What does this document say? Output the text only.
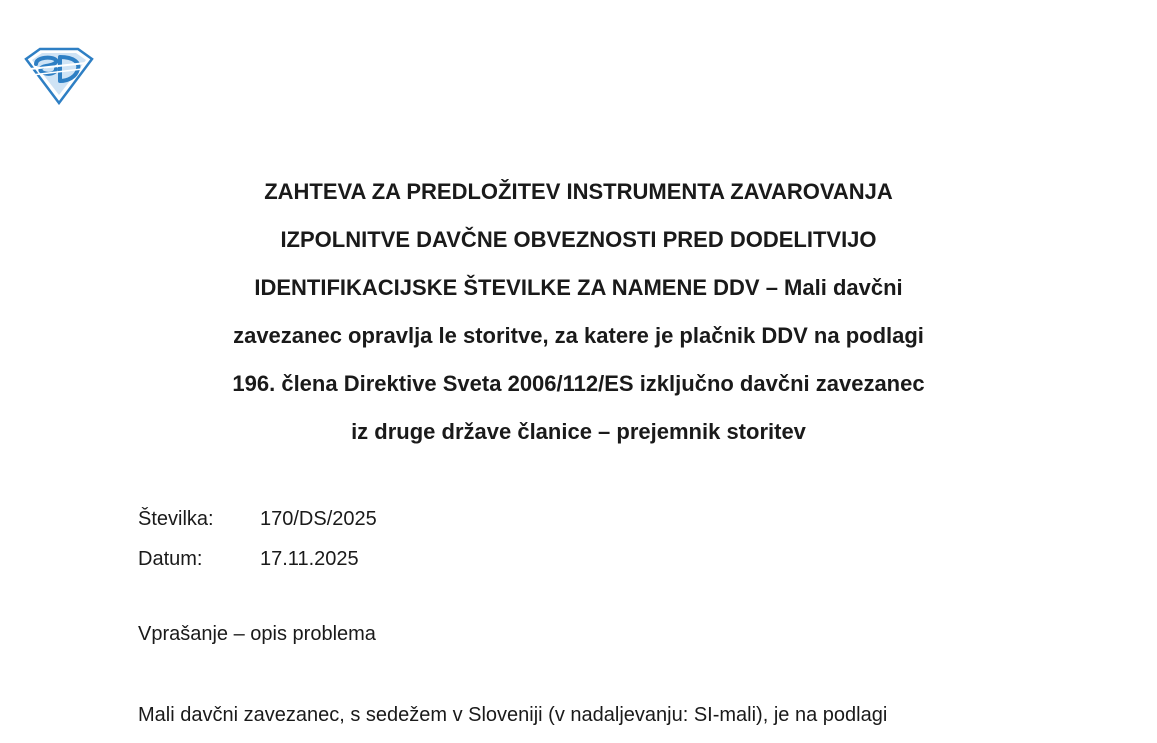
ZAHTEVA ZA PREDLOŽITEV INSTRUMENTA ZAVAROVANJA
IZPOLNITVE DAVČNE OBVEZNOSTI PRED DODELITVIJO
IDENTIFIKACIJSKE ŠTEVILKE ZA NAMENE DDV – Mali davčni
zavezanec opravlja le storitve, za katere je plačnik DDV na podlagi
196. člena Direktive Sveta 2006/112/ES izključno davčni zavezanec
iz druge države članice – prejemnik storitev
Številka:	170/DS/2025
Datum:	17.11.2025
Vprašanje – opis problema
Mali davčni zavezanec, s sedežem v Sloveniji (v nadaljevanju: SI-mali), je na podlagi
